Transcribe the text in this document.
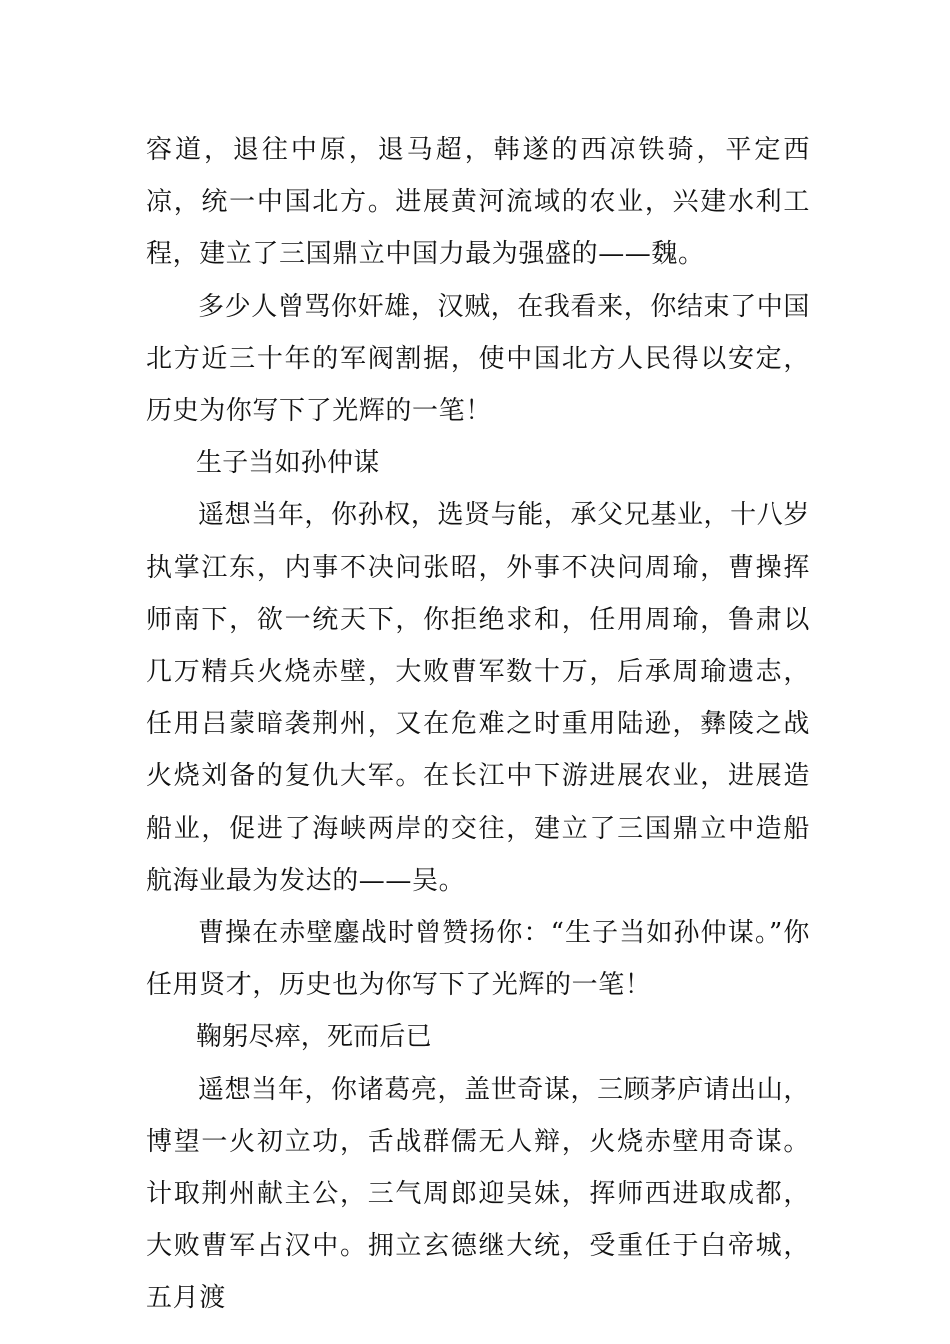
容道，退往中原，退马超，韩遂的西凉铁骑，平定西凉，统一中国北方。进展黄河流域的农业，兴建水利工程，建立了三国鼎立中国力最为强盛的——魏。

多少人曾骂你奸雄，汉贼，在我看来，你结束了中国北方近三十年的军阀割据，使中国北方人民得以安定，历史为你写下了光辉的一笔！

生子当如孙仲谋

遥想当年，你孙权，选贤与能，承父兄基业，十八岁执掌江东，内事不决问张昭，外事不决问周瑜，曹操挥师南下，欲一统天下，你拒绝求和，任用周瑜，鲁肃以几万精兵火烧赤壁，大败曹军数十万，后承周瑜遗志，任用吕蒙暗袭荆州，又在危难之时重用陆逊，彝陵之战火烧刘备的复仇大军。在长江中下游进展农业，进展造船业，促进了海峡两岸的交往，建立了三国鼎立中造船航海业最为发达的——吴。

曹操在赤壁鏖战时曾赞扬你：“生子当如孙仲谋。”你任用贤才，历史也为你写下了光辉的一笔！

鞠躬尽瘁，死而后已

遥想当年，你诸葛亮，盖世奇谋，三顾茅庐请出山，博望一火初立功，舌战群儒无人辩，火烧赤壁用奇谋。计取荆州献主公，三气周郎迎吴妹，挥师西进取成都，大败曹军占汉中。拥立玄德继大统，受重任于白帝城，五月渡
